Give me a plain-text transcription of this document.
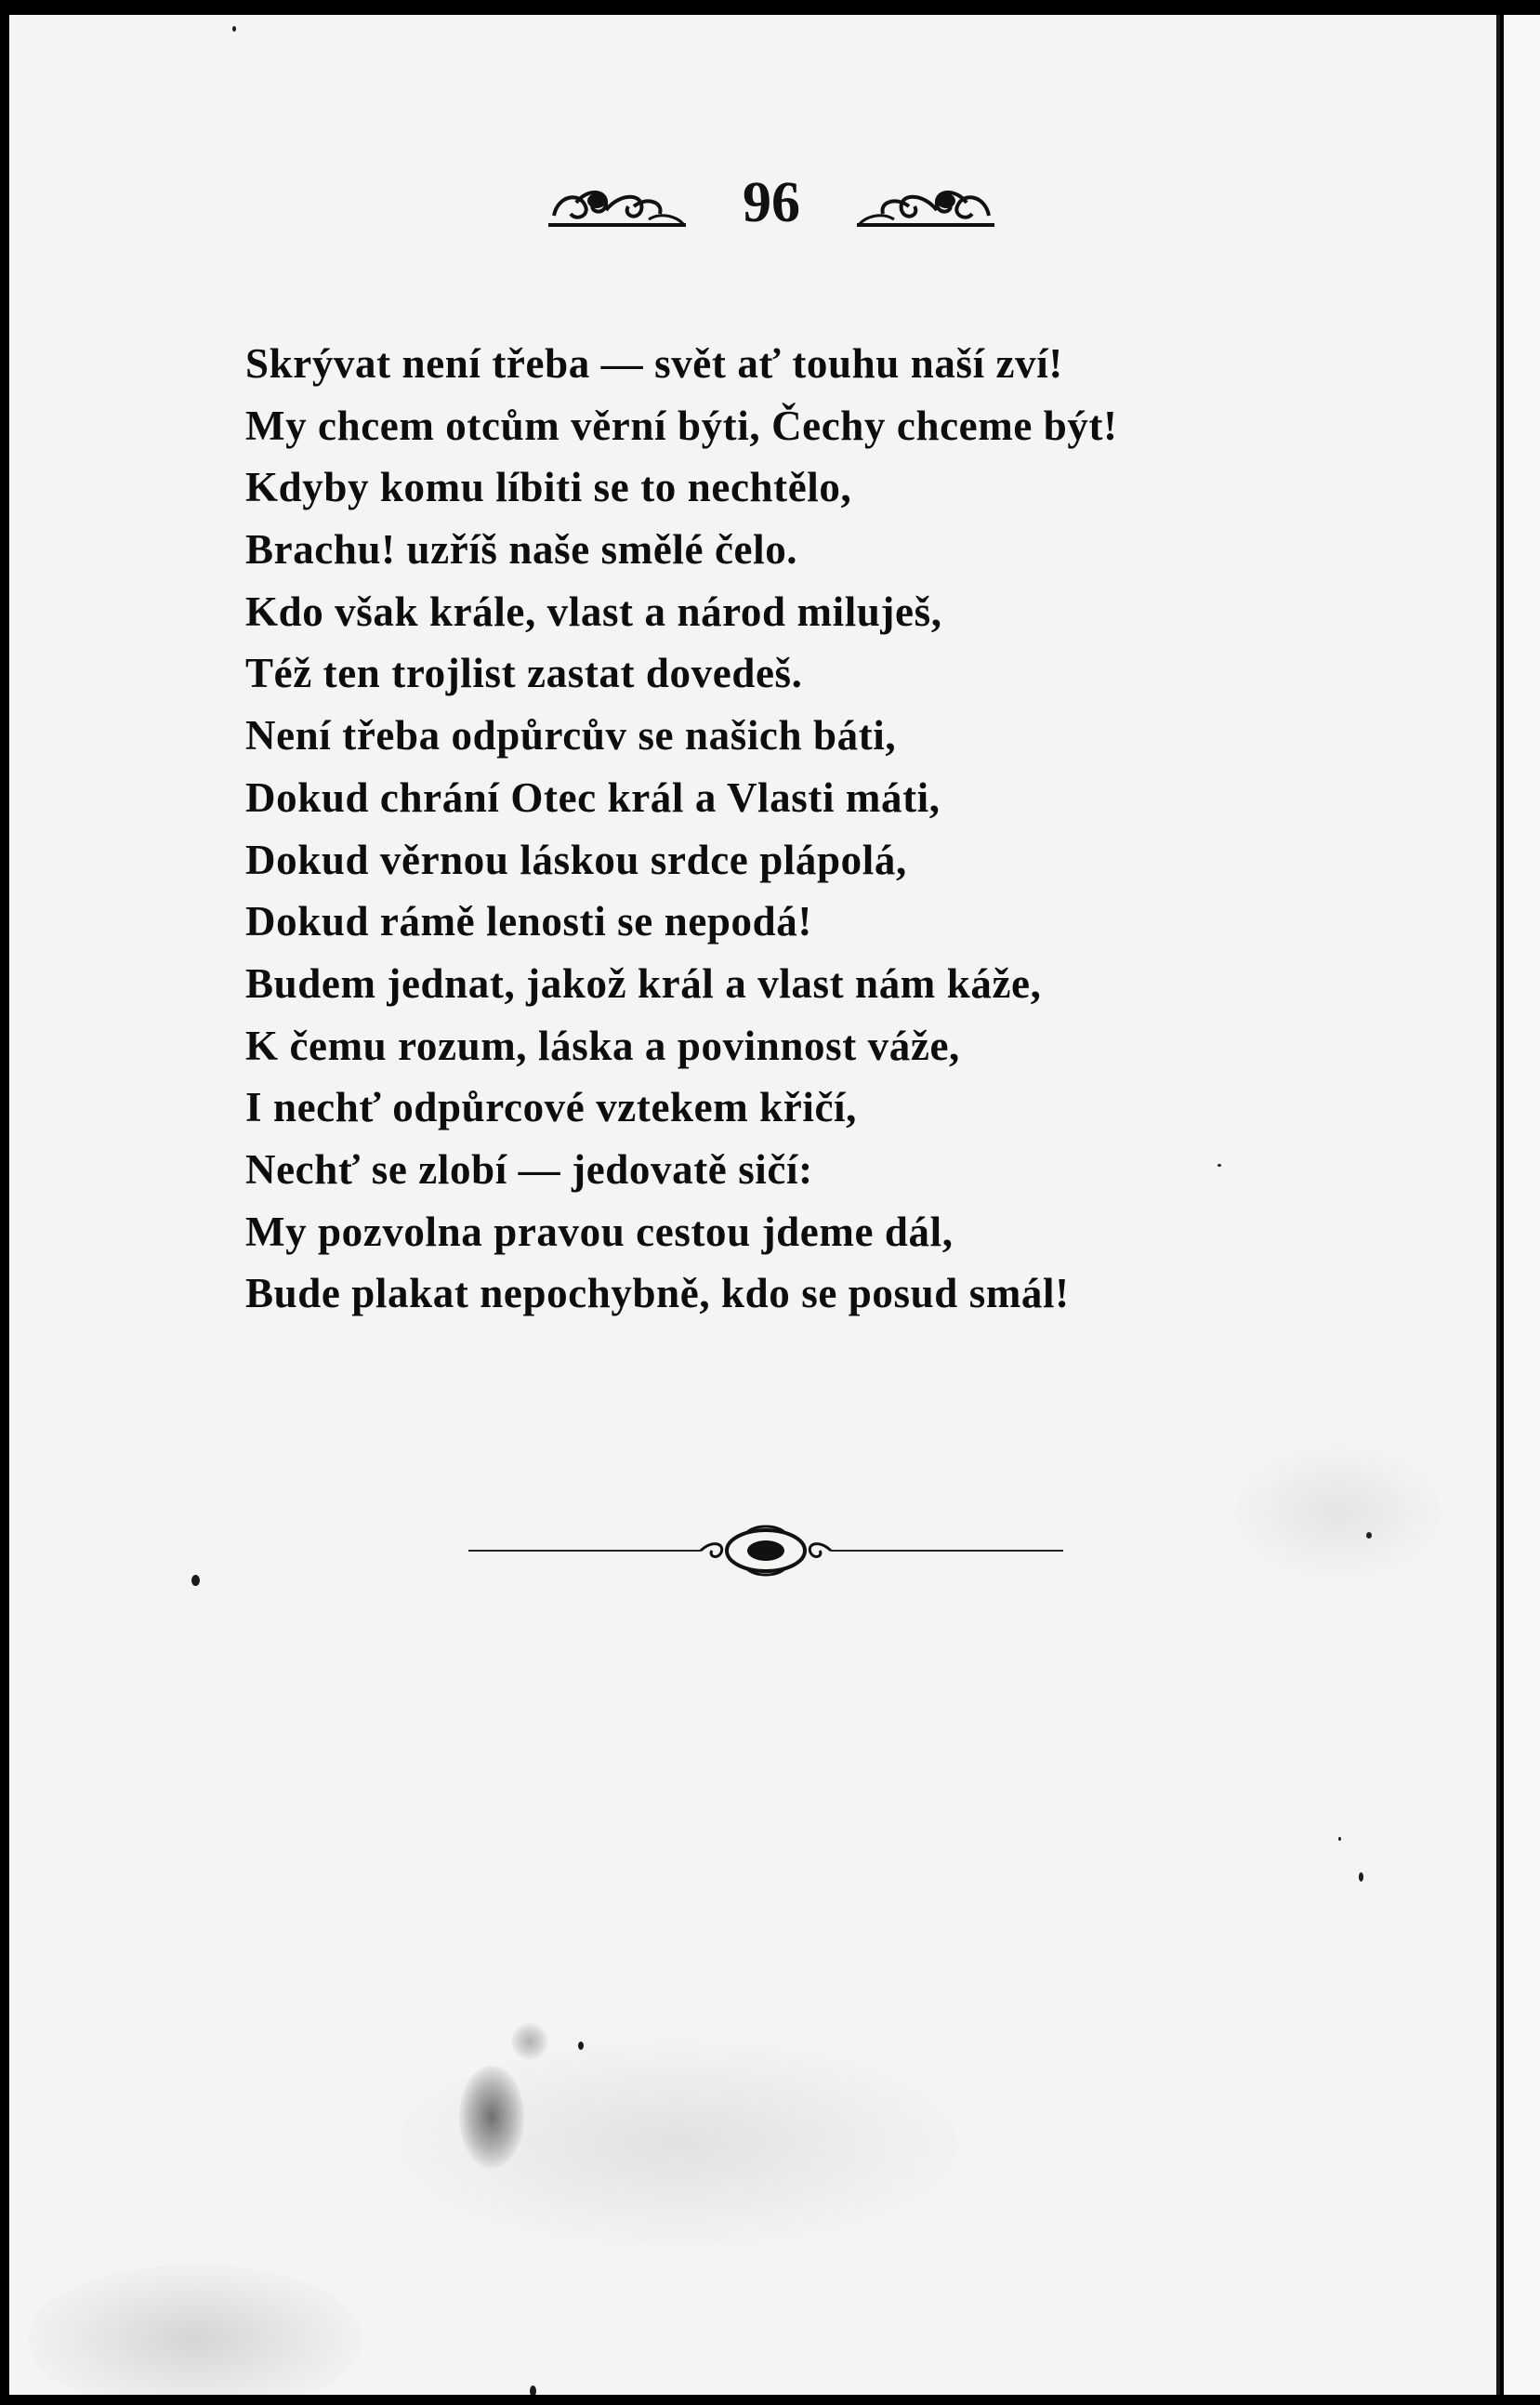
96
Skrývat není třeba — svět ať touhu naší zví!
My chcem otcům věrní býti, Čechy chceme být!
Kdyby komu líbiti se to nechtělo,
Brachu! uzříš naše smělé čelo.
Kdo však krále, vlast a národ miluješ,
Též ten trojlist zastat dovedeš.
Není třeba odpůrcův se našich báti,
Dokud chrání Otec král a Vlasti máti,
Dokud věrnou láskou srdce plápolá,
Dokud rámě lenosti se nepodá!
Budem jednat, jakož král a vlast nám káže,
K čemu rozum, láska a povinnost váže,
I nechť odpůrcové vztekem křičí,
Nechť se zlobí — jedovatě sičí:
My pozvolna pravou cestou jdeme dál,
Bude plakat nepochybně, kdo se posud smál!
